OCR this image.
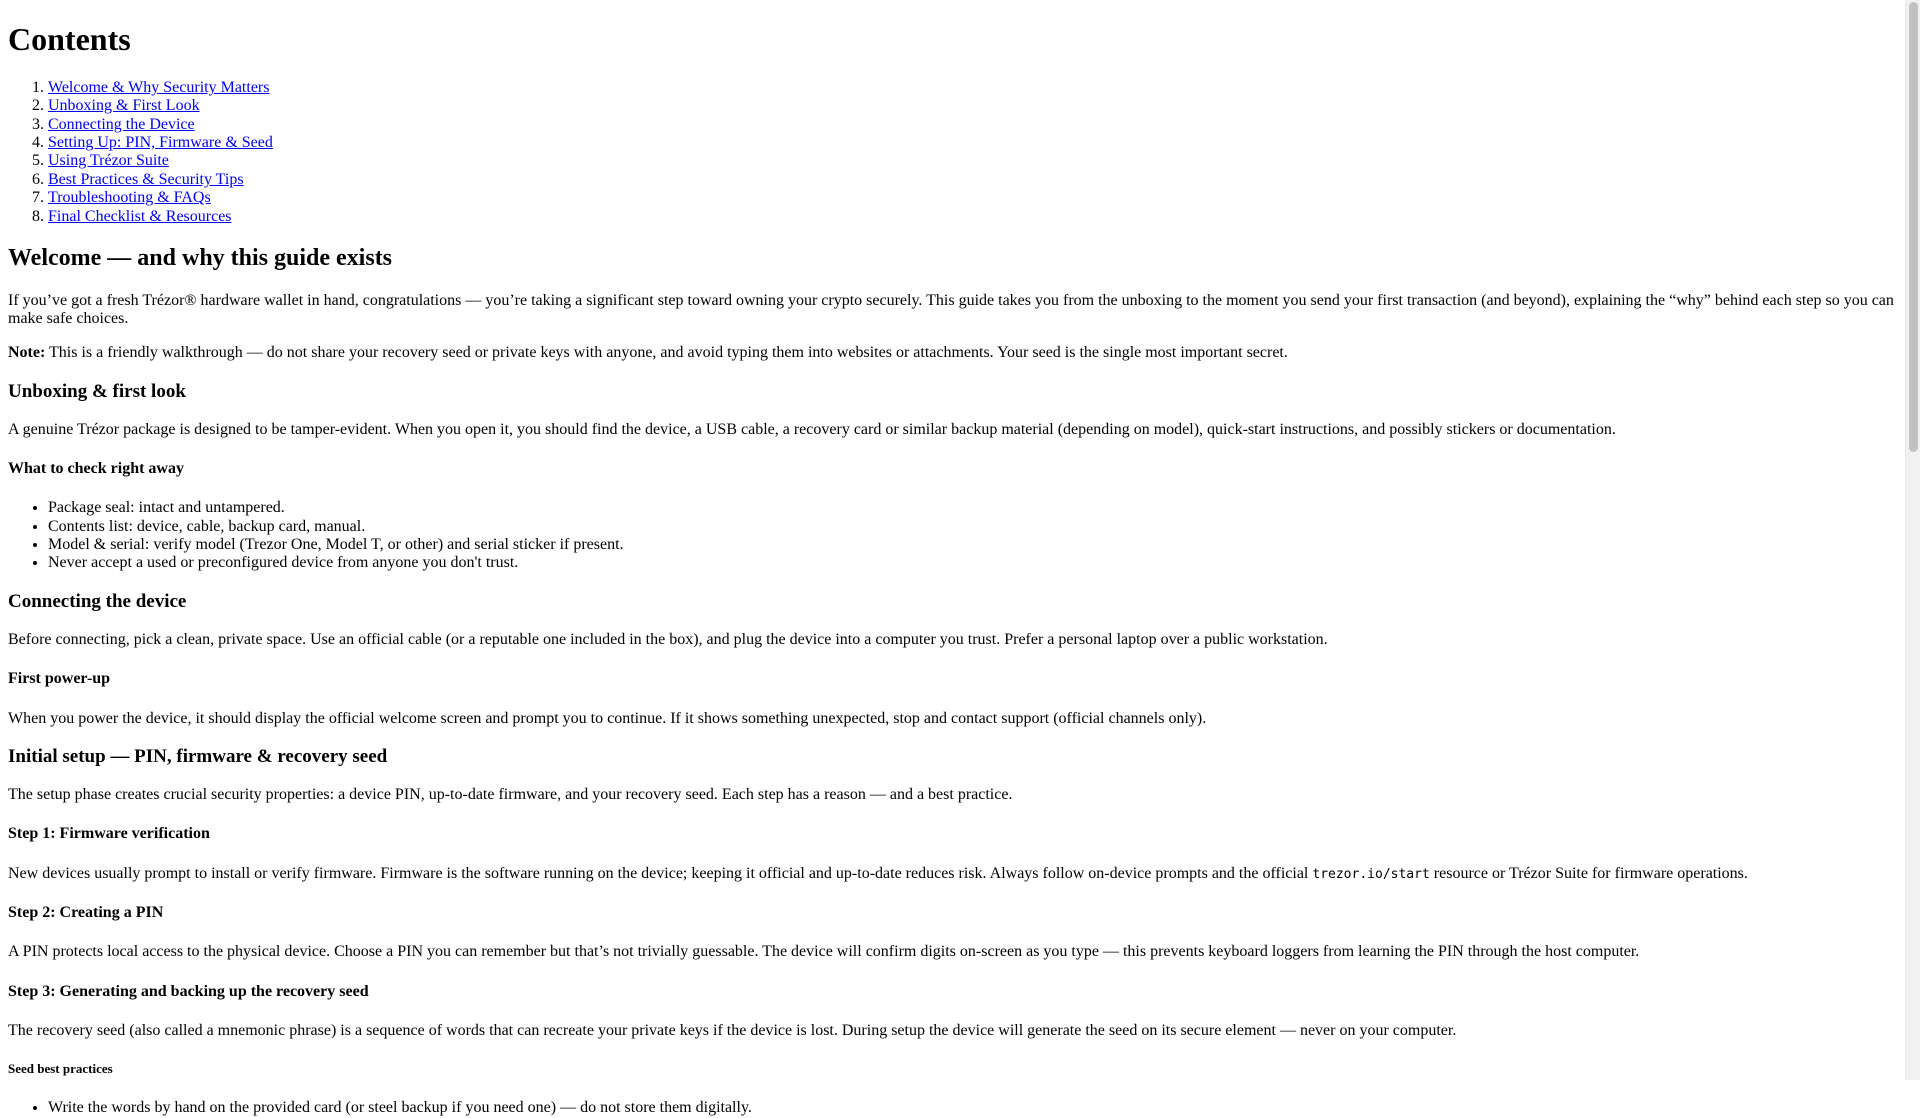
Contents
1. Welcome & Why Security Matters
2. Unboxing & First Look
3. Connecting the Device
4. Setting Up: PIN, Firmware & Seed
5. Using Trézor Suite
6. Best Practices & Security Tips
7. Troubleshooting & FAQs
8. Final Checklist & Resources
Welcome — and why this guide exists

If you’ve got a fresh Trézor® hardware wallet in hand, congratulations — you’re taking a significant step toward owning your crypto securely. This guide takes you from the unboxing to the moment you send your first transaction (and beyond), explaining the “why” behind each step so you can make safe choices.

Note: This is a friendly walkthrough — do not share your recovery seed or private keys with anyone, and avoid typing them into websites or attachments. Your seed is the single most important secret.

Unboxing & first look

A genuine Trézor package is designed to be tamper-evident. When you open it, you should find the device, a USB cable, a recovery card or similar backup material (depending on model), quick-start instructions, and possibly stickers or documentation.

What to check right away
• Package seal: intact and untampered.
• Contents list: device, cable, backup card, manual.
• Model & serial: verify model (Trezor One, Model T, or other) and serial sticker if present.
• Never accept a used or preconfigured device from anyone you don't trust.
Connecting the device

Before connecting, pick a clean, private space. Use an official cable (or a reputable one included in the box), and plug the device into a computer you trust. Prefer a personal laptop over a public workstation.

First power-up

When you power the device, it should display the official welcome screen and prompt you to continue. If it shows something unexpected, stop and contact support (official channels only).

Initial setup — PIN, firmware & recovery seed

The setup phase creates crucial security properties: a device PIN, up-to-date firmware, and your recovery seed. Each step has a reason — and a best practice.

Step 1: Firmware verification

New devices usually prompt to install or verify firmware. Firmware is the software running on the device; keeping it official and up-to-date reduces risk. Always follow on-device prompts and the official trezor.io/start resource or Trézor Suite for firmware operations.

Step 2: Creating a PIN

A PIN protects local access to the physical device. Choose a PIN you can remember but that’s not trivially guessable. The device will confirm digits on-screen as you type — this prevents keyboard loggers from learning the PIN through the host computer.

Step 3: Generating and backing up the recovery seed

The recovery seed (also called a mnemonic phrase) is a sequence of words that can recreate your private keys if the device is lost. During setup the device will generate the seed on its secure element — never on your computer.

Seed best practices
• Write the words by hand on the provided card (or steel backup if you need one) — do not store them digitally.
